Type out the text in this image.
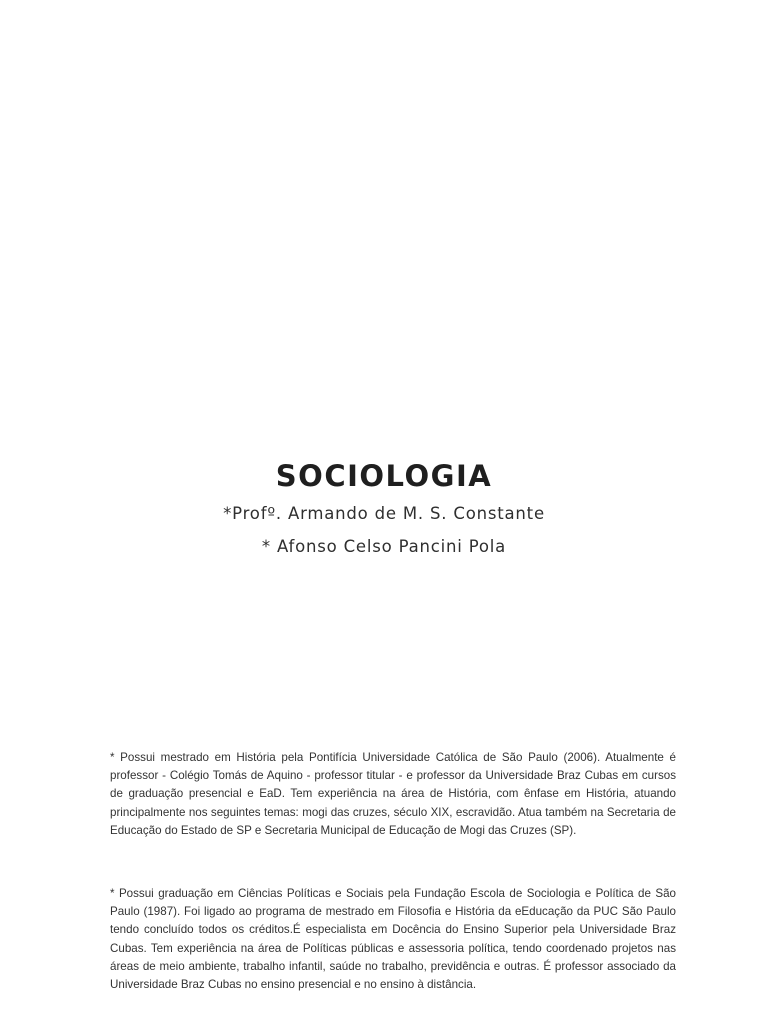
SOCIOLOGIA
*Profº. Armando de M. S. Constante
* Afonso Celso Pancini Pola

* Possui mestrado em História pela Pontifícia Universidade Católica de São Paulo (2006). Atualmente é professor - Colégio Tomás de Aquino - professor titular - e professor da Universidade Braz Cubas em cursos de graduação presencial e EaD. Tem experiência na área de História, com ênfase em História, atuando principalmente nos seguintes temas: mogi das cruzes, século XIX, escravidão. Atua também na Secretaria de Educação do Estado de SP e Secretaria Municipal de Educação de Mogi das Cruzes (SP).

* Possui graduação em Ciências Políticas e Sociais pela Fundação Escola de Sociologia e Política de São Paulo (1987). Foi ligado ao programa de mestrado em Filosofia e História da eEducação da PUC São Paulo tendo concluído todos os créditos.É especialista em Docência do Ensino Superior pela Universidade Braz Cubas. Tem experiência na área de Políticas públicas e assessoria política, tendo coordenado projetos nas áreas de meio ambiente, trabalho infantil, saúde no trabalho, previdência e outras. É professor associado da Universidade Braz Cubas no ensino presencial e no ensino à distância.
